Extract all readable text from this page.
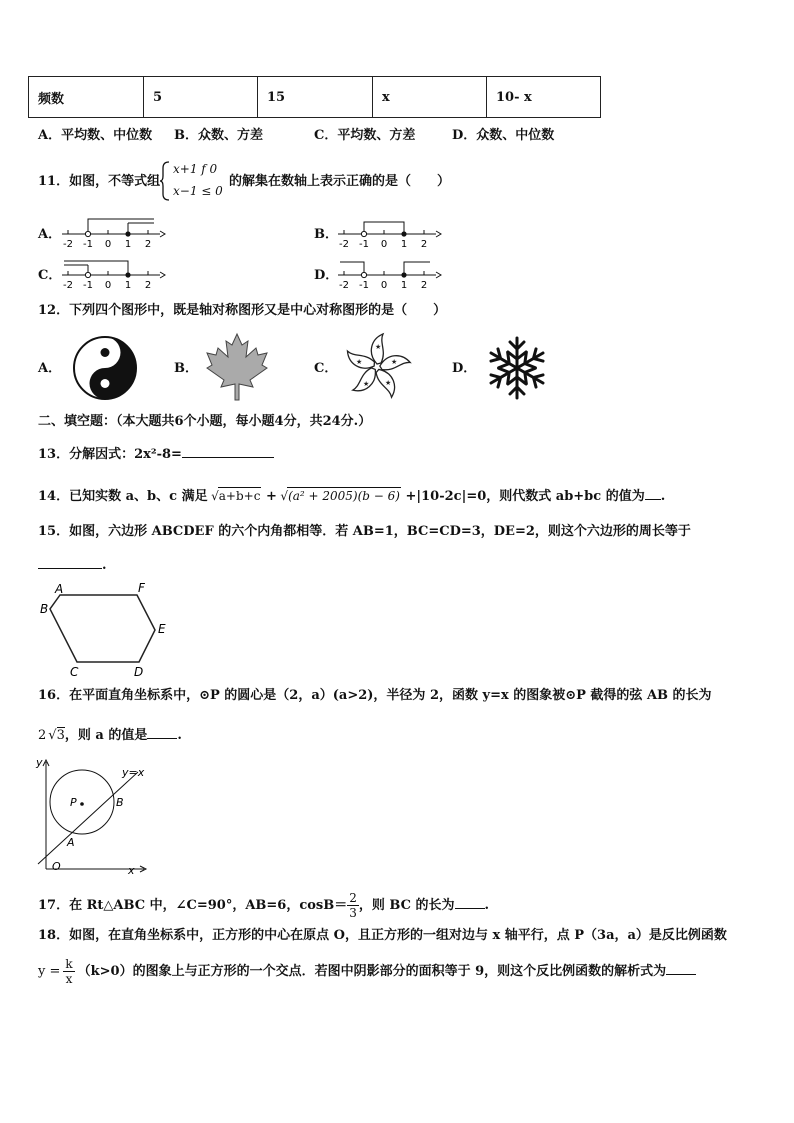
频数	5	15	x	10- x
A．平均数、中位数 B．众数、方差	C．平均数、方差	D．众数、中位数
11．如图，不等式组
x+1 f 0
x−1 ≤ 0
的解集在数轴上表示正确的是（　　）
A．	B．
C．	D．
-2 -1 0 1 2	-2 -1 0 1 2
-2 -1 0 1 2	-2 -1 0 1 2
12．下列四个图形中，既是轴对称图形又是中心对称图形的是（　　）
A．	B．	C．	D．
★
★
★
★
★
二、填空题：（本大题共6个小题，每小题4分，共24分.）
13．分解因式：2x²-8=
14．已知实数 a、b、c 满足 √a+b+c + √(a² + 2005)(b − 6) +|10-2c|=0，则代数式 ab+bc 的值为 .
15．如图，六边形 ABCDEF 的六个内角都相等．若 AB=1，BC=CD=3，DE=2，则这个六边形的周长等于
.
A
B
C	D
E
F
16．在平面直角坐标系中，⊙P 的圆心是（2，a）(a>2)，半径为 2，函数 y=x 的图象被⊙P 截得的弦 AB 的长为
2 √3，则 a 的值是 .
y
x
O
P
A
B
y=x
17．在 Rt△ABC 中，∠C=90°，AB=6，$\cos B= \frac{2}{3}$ ，则 BC 的长为 .
18．如图，在直角坐标系中，正方形的中心在原点 O，且正方形的一组对边与 x 轴平行，点 P（3a，a）是反比例函数
$y = \frac{k}{x} (k>0)$的图象上与正方形的一个交点．若图中阴影部分的面积等于 9，则这个反比例函数的解析式为
